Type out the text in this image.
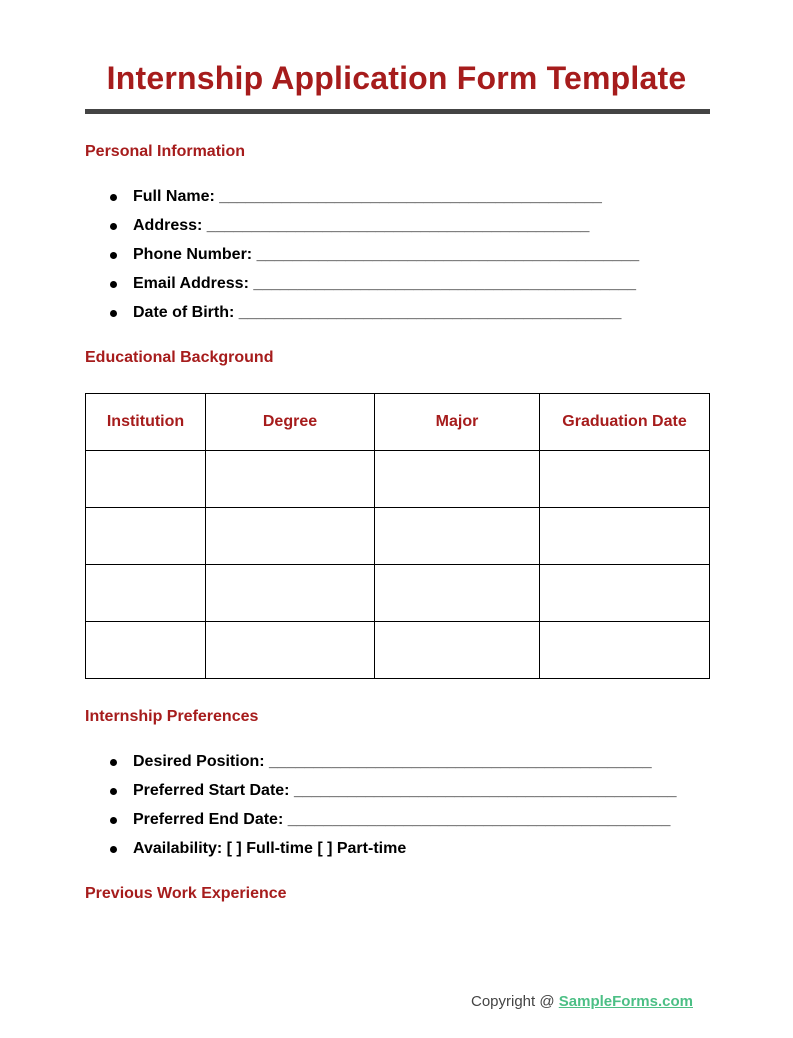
Internship Application Form Template
Personal Information
Full Name: ___________________________________________
Address: ___________________________________________
Phone Number: ___________________________________________
Email Address: ___________________________________________
Date of Birth: ___________________________________________
Educational Background
Institution	Degree	Major	Graduation Date

Internship Preferences
Desired Position: ___________________________________________
Preferred Start Date: ___________________________________________
Preferred End Date: ___________________________________________
Availability: [ ] Full-time [ ] Part-time
Previous Work Experience
Copyright @ SampleForms.com
